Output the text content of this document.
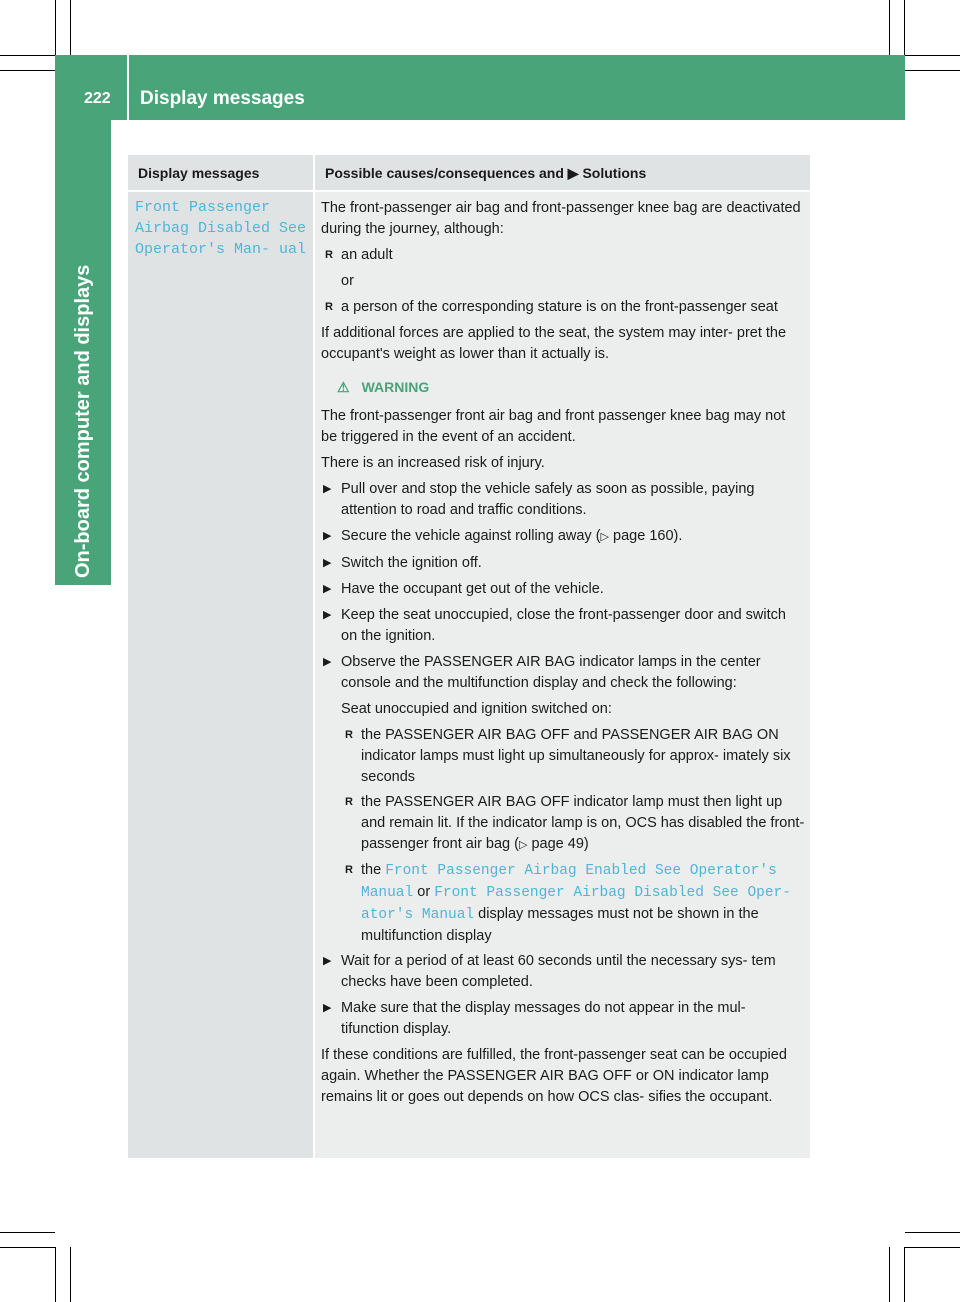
222 Display messages
On-board computer and displays
Display messages	Possible causes/consequences and ▶ Solutions
Front Passenger Airbag Disabled See Operator's Man‐ ual

The front-passenger air bag and front-passenger knee bag are deactivated during the journey, although:

R an adult
or
R a person of the corresponding stature is on the front-passenger seat

If additional forces are applied to the seat, the system may inter- pret the occupant's weight as lower than it actually is.

⚠ WARNING

The front-passenger front air bag and front passenger knee bag may not be triggered in the event of an accident.

There is an increased risk of injury.

▶ Pull over and stop the vehicle safely as soon as possible, paying attention to road and traffic conditions.
▶ Secure the vehicle against rolling away (▷ page 160).
▶ Switch the ignition off.
▶ Have the occupant get out of the vehicle.
▶ Keep the seat unoccupied, close the front-passenger door and switch on the ignition.
▶ Observe the PASSENGER AIR BAG indicator lamps in the center console and the multifunction display and check the following:
Seat unoccupied and ignition switched on:
R the PASSENGER AIR BAG OFF and PASSENGER AIR BAG ON indicator lamps must light up simultaneously for approx- imately six seconds
R the PASSENGER AIR BAG OFF indicator lamp must then light up and remain lit. If the indicator lamp is on, OCS has disabled the front-passenger front air bag (▷ page 49)
R the Front Passenger Airbag Enabled See Operator's Manual or Front Passenger Airbag Disabled See Oper‐ ator's Manual display messages must not be shown in the multifunction display
▶ Wait for a period of at least 60 seconds until the necessary sys- tem checks have been completed.
▶ Make sure that the display messages do not appear in the mul- tifunction display.

If these conditions are fulfilled, the front-passenger seat can be occupied again. Whether the PASSENGER AIR BAG OFF or ON indicator lamp remains lit or goes out depends on how OCS clas- sifies the occupant.
